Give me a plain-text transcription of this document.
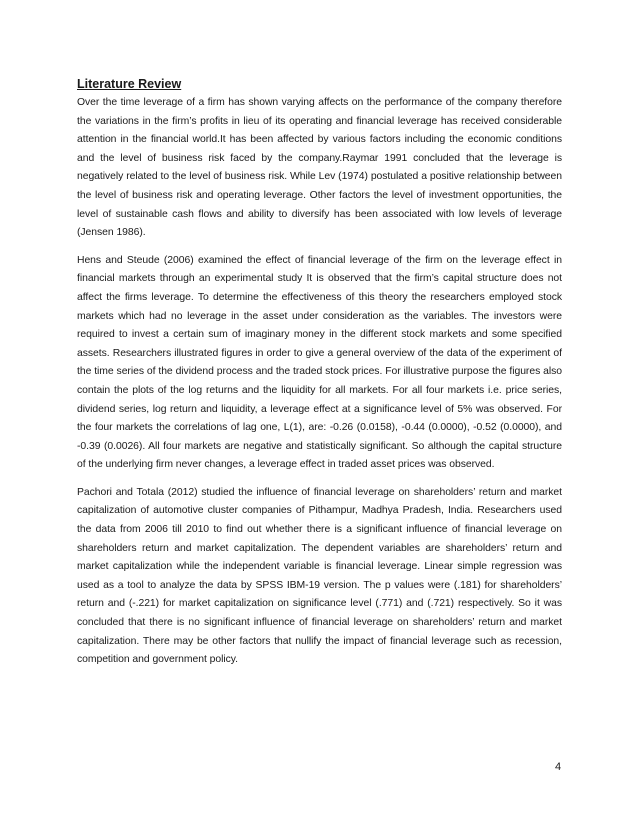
Literature Review

Over the time leverage of a firm has shown varying affects on the performance of the company therefore the variations in the firm’s profits in lieu of its operating and financial leverage has received considerable attention in the financial world.It has been affected by various factors including the economic conditions and the level of business risk faced by the company.Raymar 1991 concluded that the leverage is negatively related to the level of business risk. While Lev (1974) postulated a positive relationship between the level of business risk and operating leverage. Other factors the level of investment opportunities, the level of sustainable cash flows and ability to diversify has been associated with low levels of leverage (Jensen 1986).

Hens and Steude (2006) examined the effect of financial leverage of the firm on the leverage effect in financial markets through an experimental study It is observed that the firm’s capital structure does not affect the firms leverage. To determine the effectiveness of this theory the researchers employed stock markets which had no leverage in the asset under consideration as the variables. The investors were required to invest a certain sum of imaginary money in the different stock markets and some specified assets. Researchers illustrated figures in order to give a general overview of the data of the experiment of the time series of the dividend process and the traded stock prices. For illustrative purpose the figures also contain the plots of the log returns and the liquidity for all markets. For all four markets i.e. price series, dividend series, log return and liquidity, a leverage effect at a significance level of 5% was observed. For the four markets the correlations of lag one, L(1), are: -0.26 (0.0158), -0.44 (0.0000), -0.52 (0.0000), and -0.39 (0.0026). All four markets are negative and statistically significant. So although the capital structure of the underlying firm never changes, a leverage effect in traded asset prices was observed.

Pachori and Totala (2012) studied the influence of financial leverage on shareholders’ return and market capitalization of automotive cluster companies of Pithampur, Madhya Pradesh, India. Researchers used the data from 2006 till 2010 to find out whether there is a significant influence of financial leverage on shareholders return and market capitalization. The dependent variables are shareholders’ return and market capitalization while the independent variable is financial leverage. Linear simple regression was used as a tool to analyze the data by SPSS IBM-19 version. The p values were (.181) for shareholders’ return and (-.221) for market capitalization on significance level (.771) and (.721) respectively. So it was concluded that there is no significant influence of financial leverage on shareholders’ return and market capitalization. There may be other factors that nullify the impact of financial leverage such as recession, competition and government policy.

4
